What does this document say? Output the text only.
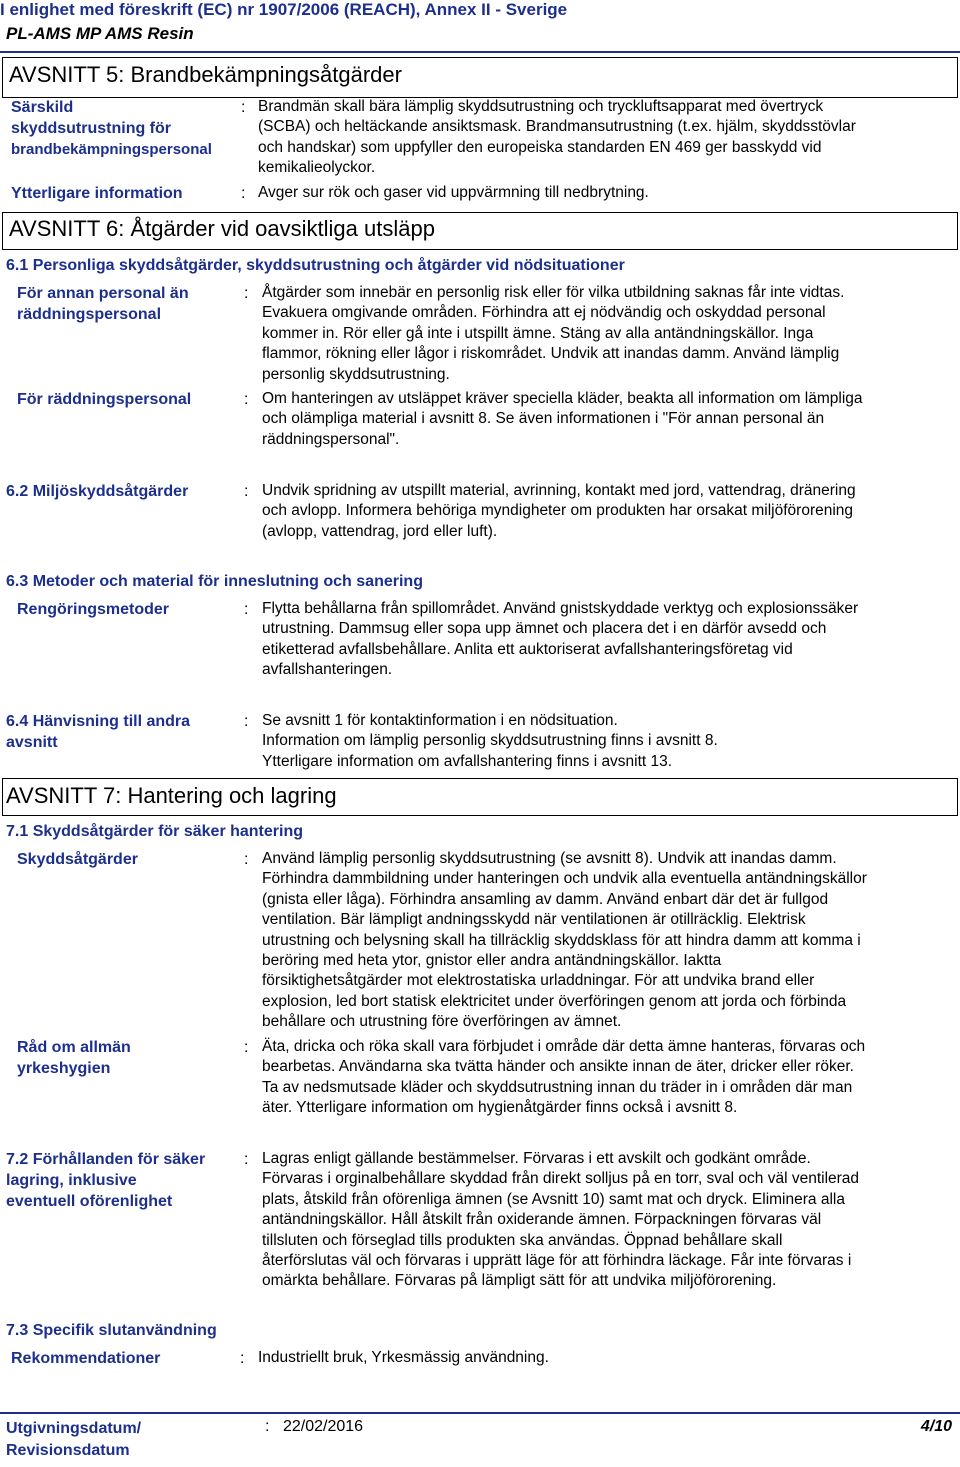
I enlighet med föreskrift (EC) nr 1907/2006 (REACH), Annex II - Sverige
PL-AMS MP AMS Resin
AVSNITT 5: Brandbekämpningsåtgärder
Särskild
skyddsutrustning för
brandbekämpningspersonal
: Brandmän skall bära lämplig skyddsutrustning och tryckluftsapparat med övertryck
(SCBA) och heltäckande ansiktsmask. Brandmansutrustning (t.ex. hjälm, skyddsstövlar
och handskar) som uppfyller den europeiska standarden EN 469 ger basskydd vid
kemikalieolyckor.
Ytterligare information	: Avger sur rök och gaser vid uppvärmning till nedbrytning.
AVSNITT 6: Åtgärder vid oavsiktliga utsläpp
6.1 Personliga skyddsåtgärder, skyddsutrustning och åtgärder vid nödsituationer
För annan personal än
räddningspersonal
: Åtgärder som innebär en personlig risk eller för vilka utbildning saknas får inte vidtas.
Evakuera omgivande områden. Förhindra att ej nödvändig och oskyddad personal
kommer in. Rör eller gå inte i utspillt ämne. Stäng av alla antändningskällor. Inga
flammor, rökning eller lågor i riskområdet. Undvik att inandas damm. Använd lämplig
personlig skyddsutrustning.
För räddningspersonal	: Om hanteringen av utsläppet kräver speciella kläder, beakta all information om lämpliga
och olämpliga material i avsnitt 8. Se även informationen i "För annan personal än
räddningspersonal".
6.2 Miljöskyddsåtgärder	: Undvik spridning av utspillt material, avrinning, kontakt med jord, vattendrag, dränering
och avlopp. Informera behöriga myndigheter om produkten har orsakat miljöförorening
(avlopp, vattendrag, jord eller luft).
6.3 Metoder och material för inneslutning och sanering
Rengöringsmetoder	: Flytta behållarna från spillområdet. Använd gnistskyddade verktyg och explosionssäker
utrustning. Dammsug eller sopa upp ämnet och placera det i en därför avsedd och
etiketterad avfallsbehållare. Anlita ett auktoriserat avfallshanteringsföretag vid
avfallshanteringen.
6.4 Hänvisning till andra
avsnitt
: Se avsnitt 1 för kontaktinformation i en nödsituation.
Information om lämplig personlig skyddsutrustning finns i avsnitt 8.
Ytterligare information om avfallshantering finns i avsnitt 13.
AVSNITT 7: Hantering och lagring
7.1 Skyddsåtgärder för säker hantering
Skyddsåtgärder	: Använd lämplig personlig skyddsutrustning (se avsnitt 8). Undvik att inandas damm.
Förhindra dammbildning under hanteringen och undvik alla eventuella antändningskällor
(gnista eller låga). Förhindra ansamling av damm. Använd enbart där det är fullgod
ventilation. Bär lämpligt andningsskydd när ventilationen är otillräcklig. Elektrisk
utrustning och belysning skall ha tillräcklig skyddsklass för att hindra damm att komma i
beröring med heta ytor, gnistor eller andra antändningskällor. Iaktta
försiktighetsåtgärder mot elektrostatiska urladdningar. För att undvika brand eller
explosion, led bort statisk elektricitet under överföringen genom att jorda och förbinda
behållare och utrustning före överföringen av ämnet.
Råd om allmän
yrkeshygien
: Äta, dricka och röka skall vara förbjudet i område där detta ämne hanteras, förvaras och
bearbetas. Användarna ska tvätta händer och ansikte innan de äter, dricker eller röker.
Ta av nedsmutsade kläder och skyddsutrustning innan du träder in i områden där man
äter. Ytterligare information om hygienåtgärder finns också i avsnitt 8.
7.2 Förhållanden för säker
lagring, inklusive
eventuell oförenlighet
: Lagras enligt gällande bestämmelser. Förvaras i ett avskilt och godkänt område.
Förvaras i orginalbehållare skyddad från direkt solljus på en torr, sval och väl ventilerad
plats, åtskild från oförenliga ämnen (se Avsnitt 10) samt mat och dryck. Eliminera alla
antändningskällor. Håll åtskilt från oxiderande ämnen. Förpackningen förvaras väl
tillsluten och förseglad tills produkten ska användas. Öppnad behållare skall
återförslutas väl och förvaras i upprätt läge för att förhindra läckage. Får inte förvaras i
omärkta behållare. Förvaras på lämpligt sätt för att undvika miljöförorening.
7.3 Specifik slutanvändning
Rekommendationer	: Industriellt bruk, Yrkesmässig användning.
Utgivningsdatum/
Revisionsdatum
: 22/02/2016	4/10
